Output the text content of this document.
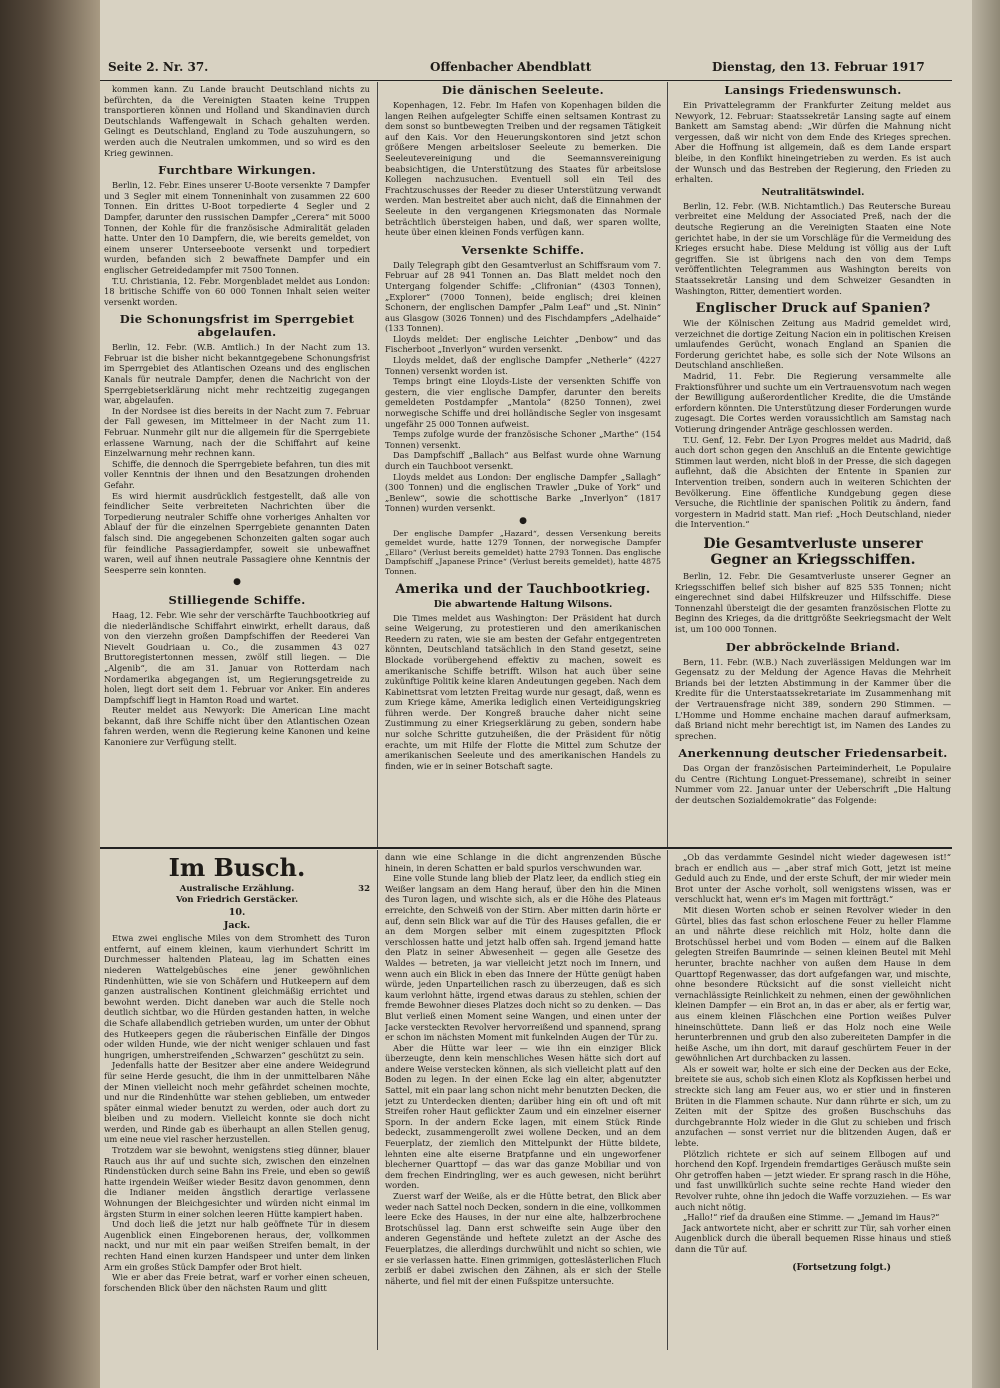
Seite 2. Nr. 37.	Offenbacher Abendblatt	Dienstag, den 13. Februar 1917

kommen kann. Zu Lande braucht Deutschland nichts zu befürchten, da die Vereinigten Staaten keine Truppen transportieren können und Holland und Skandinavien durch Deutschlands Waffengewalt in Schach gehalten werden. Gelingt es Deutschland, England zu Tode auszuhungern, so werden auch die Neutralen umkommen, und so wird es den Krieg gewinnen.

Furchtbare Wirkungen.

Berlin, 12. Febr. Eines unserer U-Boote versenkte 7 Dampfer und 3 Segler mit einem Tonneninhalt von zusammen 22 600 Tonnen. Ein drittes U-Boot torpedierte 4 Segler und 2 Dampfer, darunter den russischen Dampfer „Cerera“ mit 5000 Tonnen, der Kohle für die französische Admiralität geladen hatte. Unter den 10 Dampfern, die, wie bereits gemeldet, von einem unserer Unterseeboote versenkt und torpediert wurden, befanden sich 2 bewaffnete Dampfer und ein englischer Getreidedampfer mit 7500 Tonnen.

T.U. Christiania, 12. Febr. Morgenbladet meldet aus London: 18 britische Schiffe von 60 000 Tonnen Inhalt seien weiter versenkt worden.

Die Schonungsfrist im Sperrgebiet abgelaufen.

Berlin, 12. Febr. (W.B. Amtlich.) In der Nacht zum 13. Februar ist die bisher nicht bekanntgegebene Schonungsfrist im Sperrgebiet des Atlantischen Ozeans und des englischen Kanals für neutrale Dampfer, denen die Nachricht von der Sperrgebietserklärung nicht mehr rechtzeitig zugegangen war, abgelaufen.

In der Nordsee ist dies bereits in der Nacht zum 7. Februar der Fall gewesen, im Mittelmeer in der Nacht zum 11. Februar. Nunmehr gilt nur die allgemein für die Sperrgebiete erlassene Warnung, nach der die Schiffahrt auf keine Einzelwarnung mehr rechnen kann.

Schiffe, die dennoch die Sperrgebiete befahren, tun dies mit voller Kenntnis der ihnen und den Besatzungen drohenden Gefahr.

Es wird hiermit ausdrücklich festgestellt, daß alle von feindlicher Seite verbreiteten Nachrichten über die Torpedierung neutraler Schiffe ohne vorheriges Anhalten vor Ablauf der für die einzelnen Sperrgebiete genannten Daten falsch sind. Die angegebenen Schonzeiten galten sogar auch für feindliche Passagierdampfer, soweit sie unbewaffnet waren, weil auf ihnen neutrale Passagiere ohne Kenntnis der Seesperre sein konnten.

●
Stilliegende Schiffe.

Haag, 12. Febr. Wie sehr der verschärfte Tauchbootkrieg auf die niederländische Schiffahrt einwirkt, erhellt daraus, daß von den vierzehn großen Dampfschiffen der Reederei Van Nievelt Goudriaan u. Co., die zusammen 43 027 Bruttoregistertonnen messen, zwölf still liegen. — Die „Algenib“, die am 31. Januar von Rotterdam nach Nordamerika abgegangen ist, um Regierungsgetreide zu holen, liegt dort seit dem 1. Februar vor Anker. Ein anderes Dampfschiff liegt in Hamton Road und wartet.

Reuter meldet aus Newyork: Die American Line macht bekannt, daß ihre Schiffe nicht über den Atlantischen Ozean fahren werden, wenn die Regierung keine Kanonen und keine Kanoniere zur Verfügung stellt.

Die dänischen Seeleute.

Kopenhagen, 12. Febr. Im Hafen von Kopenhagen bilden die langen Reihen aufgelegter Schiffe einen seltsamen Kontrast zu dem sonst so buntbewegten Treiben und der regsamen Tätigkeit auf den Kais. Vor den Heuerungskontoren sind jetzt schon größere Mengen arbeitsloser Seeleute zu bemerken. Die Seeleutevereinigung und die Seemannsvereinigung beabsichtigen, die Unterstützung des Staates für arbeitslose Kollegen nachzusuchen. Eventuell soll ein Teil des Frachtzuschusses der Reeder zu dieser Unterstützung verwandt werden. Man bestreitet aber auch nicht, daß die Einnahmen der Seeleute in den vergangenen Kriegsmonaten das Normale beträchtlich übersteigen haben, und daß, wer sparen wollte, heute über einen kleinen Fonds verfügen kann.

Versenkte Schiffe.

Daily Telegraph gibt den Gesamtverlust an Schiffsraum vom 7. Februar auf 28 941 Tonnen an. Das Blatt meldet noch den Untergang folgender Schiffe: „Clifronian“ (4303 Tonnen), „Explorer“ (7000 Tonnen), beide englisch; drei kleinen Schonern, der englischen Dampfer „Palm Leaf“ und „St. Ninin“ aus Glasgow (3026 Tonnen) und des Fischdampfers „Adelhaide“ (133 Tonnen).

Lloyds meldet: Der englische Leichter „Denbow“ und das Fischerboot „Inverlyon“ wurden versenkt.

Lloyds meldet, daß der englische Dampfer „Netherle“ (4227 Tonnen) versenkt worden ist.

Temps bringt eine Lloyds-Liste der versenkten Schiffe von gestern, die vier englische Dampfer, darunter den bereits gemeldeten Postdampfer „Mantola“ (8250 Tonnen), zwei norwegische Schiffe und drei holländische Segler von insgesamt ungefähr 25 000 Tonnen aufweist.

Temps zufolge wurde der französische Schoner „Marthe“ (154 Tonnen) versenkt.

Das Dampfschiff „Ballach“ aus Belfast wurde ohne Warnung durch ein Tauchboot versenkt.

Lloyds meldet aus London: Der englische Dampfer „Sallagh“ (300 Tonnen) und die englischen Trawler „Duke of York“ und „Benlew“, sowie die schottische Barke „Inverlyon“ (1817 Tonnen) wurden versenkt.

●

Der englische Dampfer „Hazard“, dessen Versenkung bereits gemeldet wurde, hatte 1279 Tonnen, der norwegische Dampfer „Ellaro“ (Verlust bereits gemeldet) hatte 2793 Tonnen. Das englische Dampfschiff „Japanese Prince“ (Verlust bereits gemeldet), hatte 4875 Tonnen.

Amerika und der Tauchbootkrieg.
Die abwartende Haltung Wilsons.

Die Times meldet aus Washington: Der Präsident hat durch seine Weigerung, zu protestieren und den amerikanischen Reedern zu raten, wie sie am besten der Gefahr entgegentreten könnten, Deutschland tatsächlich in den Stand gesetzt, seine Blockade vorübergehend effektiv zu machen, soweit es amerikanische Schiffe betrifft. Wilson hat auch über seine zukünftige Politik keine klaren Andeutungen gegeben. Nach dem Kabinettsrat vom letzten Freitag wurde nur gesagt, daß, wenn es zum Kriege käme, Amerika lediglich einen Verteidigungskrieg führen werde. Der Kongreß brauche daher nicht seine Zustimmung zu einer Kriegserklärung zu geben, sondern habe nur solche Schritte gutzuheißen, die der Präsident für nötig erachte, um mit Hilfe der Flotte die Mittel zum Schutze der amerikanischen Seeleute und des amerikanischen Handels zu finden, wie er in seiner Botschaft sagte.

Lansings Friedenswunsch.

Ein Privattelegramm der Frankfurter Zeitung meldet aus Newyork, 12. Februar: Staatssekretär Lansing sagte auf einem Bankett am Samstag abend: „Wir dürfen die Mahnung nicht vergessen, daß wir nicht von dem Ende des Krieges sprechen. Aber die Hoffnung ist allgemein, daß es dem Lande erspart bleibe, in den Konflikt hineingetrieben zu werden. Es ist auch der Wunsch und das Bestreben der Regierung, den Frieden zu erhalten.

Neutralitätswindel.

Berlin, 12. Febr. (W.B. Nichtamtlich.) Das Reutersche Bureau verbreitet eine Meldung der Associated Preß, nach der die deutsche Regierung an die Vereinigten Staaten eine Note gerichtet habe, in der sie um Vorschläge für die Vermeidung des Krieges ersucht habe. Diese Meldung ist völlig aus der Luft gegriffen. Sie ist übrigens nach den von dem Temps veröffentlichten Telegrammen aus Washington bereits von Staatssekretär Lansing und dem Schweizer Gesandten in Washington, Ritter, dementiert worden.

Englischer Druck auf Spanien?

Wie der Kölnischen Zeitung aus Madrid gemeldet wird, verzeichnet die dortige Zeitung Nacion ein in politischen Kreisen umlaufendes Gerücht, wonach England an Spanien die Forderung gerichtet habe, es solle sich der Note Wilsons an Deutschland anschließen.

Madrid, 11. Febr. Die Regierung versammelte alle Fraktionsführer und suchte um ein Vertrauensvotum nach wegen der Bewilligung außerordentlicher Kredite, die die Umstände erfordern könnten. Die Unterstützung dieser Forderungen wurde zugesagt. Die Cortes werden voraussichtlich am Samstag nach Votierung dringender Anträge geschlossen werden.

T.U. Genf, 12. Febr. Der Lyon Progres meldet aus Madrid, daß auch dort schon gegen den Anschluß an die Entente gewichtige Stimmen laut werden, nicht bloß in der Presse, die sich dagegen auflehnt, daß die Absichten der Entente in Spanien zur Intervention treiben, sondern auch in weiteren Schichten der Bevölkerung. Eine öffentliche Kundgebung gegen diese Versuche, die Richtlinie der spanischen Politik zu ändern, fand vorgestern in Madrid statt. Man rief: „Hoch Deutschland, nieder die Intervention.“

Die Gesamtverluste unserer Gegner an Kriegsschiffen.

Berlin, 12. Febr. Die Gesamtverluste unserer Gegner an Kriegsschiffen belief sich bisher auf 825 535 Tonnen; nicht eingerechnet sind dabei Hilfskreuzer und Hilfsschiffe. Diese Tonnenzahl übersteigt die der gesamten französischen Flotte zu Beginn des Krieges, da die drittgrößte Seekriegsmacht der Welt ist, um 100 000 Tonnen.

Der abbröckelnde Briand.

Bern, 11. Febr. (W.B.) Nach zuverlässigen Meldungen war im Gegensatz zu der Meldung der Agence Havas die Mehrheit Briands bei der letzten Abstimmung in der Kammer über die Kredite für die Unterstaatssekretariate im Zusammenhang mit der Vertrauensfrage nicht 389, sondern 290 Stimmen. — L'Homme und Homme enchaine machen darauf aufmerksam, daß Briand nicht mehr berechtigt ist, im Namen des Landes zu sprechen.

Anerkennung deutscher Friedensarbeit.

Das Organ der französischen Parteiminderheit, Le Populaire du Centre (Richtung Longuet-Pressemane), schreibt in seiner Nummer vom 22. Januar unter der Ueberschrift „Die Haltung der deutschen Sozialdemokratie“ das Folgende:

Im Busch.
Australische Erzählung.	32
Von Friedrich Gerstäcker.
10.
Jack.

Etwa zwei englische Miles von dem Stromhett des Turon entfernt, auf einem kleinen, kaum vierhundert Schritt im Durchmesser haltenden Plateau, lag im Schatten eines niederen Wattelgebüsches eine jener gewöhnlichen Rindenhütten, wie sie von Schäfern und Hutkeepern auf dem ganzen australischen Kontinent gleichmäßig errichtet und bewohnt werden. Dicht daneben war auch die Stelle noch deutlich sichtbar, wo die Hürden gestanden hatten, in welche die Schafe allabendlich getrieben wurden, um unter der Obhut des Hutkeepers gegen die räuberischen Einfälle der Dingos oder wilden Hunde, wie der nicht weniger schlauen und fast hungrigen, umherstreifenden „Schwarzen“ geschützt zu sein.

Jedenfalls hatte der Besitzer aber eine andere Weidegrund für seine Herde gesucht, die ihm in der unmittelbaren Nähe der Minen vielleicht noch mehr gefährdet scheinen mochte, und nur die Rindenhütte war stehen geblieben, um entweder später einmal wieder benutzt zu werden, oder auch dort zu bleiben und zu modern. Vielleicht konnte sie doch nicht werden, und Rinde gab es überhaupt an allen Stellen genug, um eine neue viel rascher herzustellen.

Trotzdem war sie bewohnt, wenigstens stieg dünner, blauer Rauch aus ihr auf und suchte sich, zwischen den einzelnen Rindenstücken durch seine Bahn ins Freie, und eben so gewiß hatte irgendein Weißer wieder Besitz davon genommen, denn die Indianer meiden ängstlich derartige verlassene Wohnungen der Bleichgesichter und würden nicht einmal im ärgsten Sturm in einer solchen leeren Hütte kampiert haben.

Und doch ließ die jetzt nur halb geöffnete Tür in diesem Augenblick einen Eingeborenen heraus, der, vollkommen nackt, und nur mit ein paar weißen Streifen bemalt, in der rechten Hand einen kurzen Handspeer und unter dem linken Arm ein großes Stück Dampfer oder Brot hielt.

Wie er aber das Freie betrat, warf er vorher einen scheuen, forschenden Blick über den nächsten Raum und glitt

dann wie eine Schlange in die dicht angrenzenden Büsche hinein, in deren Schatten er bald spurlos verschwunden war.

Eine volle Stunde lang blieb der Platz leer, da endlich stieg ein Weißer langsam an dem Hang herauf, über den hin die Minen des Turon lagen, und wischte sich, als er die Höhe des Plateaus erreichte, den Schweiß von der Stirn. Aber mitten darin hörte er auf, denn sein Blick war auf die Tür des Hauses gefallen, die er an dem Morgen selber mit einem zugespitzten Pflock verschlossen hatte und jetzt halb offen sah. Irgend jemand hatte den Platz in seiner Abwesenheit — gegen alle Gesetze des Waldes — betreten, ja war vielleicht jetzt noch im Innern, und wenn auch ein Blick in eben das Innere der Hütte genügt haben würde, jeden Unparteilichen rasch zu überzeugen, daß es sich kaum verlohnt hätte, irgend etwas daraus zu stehlen, schien der fremde Bewohner dieses Platzes doch nicht so zu denken. — Das Blut verließ einen Moment seine Wangen, und einen unter der Jacke versteckten Revolver hervorreißend und spannend, sprang er schon im nächsten Moment mit funkelnden Augen der Tür zu.

Aber die Hütte war leer — wie ihn ein einziger Blick überzeugte, denn kein menschliches Wesen hätte sich dort auf andere Weise verstecken können, als sich vielleicht platt auf den Boden zu legen. In der einen Ecke lag ein alter, abgenutzter Sattel, mit ein paar lang schon nicht mehr benutzten Decken, die jetzt zu Unterdecken dienten; darüber hing ein oft und oft mit Streifen roher Haut geflickter Zaum und ein einzelner eiserner Sporn. In der andern Ecke lagen, mit einem Stück Rinde bedeckt, zusammengerollt zwei wollene Decken, und an dem Feuerplatz, der ziemlich den Mittelpunkt der Hütte bildete, lehnten eine alte eiserne Bratpfanne und ein ungeworfener blecherner Quarttopf — das war das ganze Mobiliar und von dem frechen Eindringling, wer es auch gewesen, nicht berührt worden.

Zuerst warf der Weiße, als er die Hütte betrat, den Blick aber weder nach Sattel noch Decken, sondern in die eine, vollkommen leere Ecke des Hauses, in der nur eine alte, halbzerbrochene Brotschüssel lag. Dann erst schweifte sein Auge über den anderen Gegenstände und heftete zuletzt an der Asche des Feuerplatzes, die allerdings durchwühlt und nicht so schien, wie er sie verlassen hatte. Einen grimmigen, gotteslästerlichen Fluch zerbiß er dabei zwischen den Zähnen, als er sich der Stelle näherte, und fiel mit der einen Fußspitze untersuchte.

„Ob das verdammte Gesindel nicht wieder dagewesen ist!“ brach er endlich aus — „aber straf mich Gott, jetzt ist meine Geduld auch zu Ende, und der erste Schuft, der mir wieder mein Brot unter der Asche vorholt, soll wenigstens wissen, was er verschluckt hat, wenn er's im Magen mit fortträgt.“

Mit diesen Worten schob er seinen Revolver wieder in den Gürtel, blies das fast schon erloschene Feuer zu heller Flamme an und nährte diese reichlich mit Holz, holte dann die Brotschüssel herbei und vom Boden — einem auf die Balken gelegten Streifen Baumrinde — seinen kleinen Beutel mit Mehl herunter, brachte nachher von außen dem Hause in dem Quarttopf Regenwasser, das dort aufgefangen war, und mischte, ohne besondere Rücksicht auf die sonst vielleicht nicht vernachlässigte Reinlichkeit zu nehmen, einen der gewöhnlichen kleinen Dampfer — ein Brot an, in das er aber, als er fertig war, aus einem kleinen Fläschchen eine Portion weißes Pulver hineinschüttete. Dann ließ er das Holz noch eine Weile herunterbrennen und grub den also zubereiteten Dampfer in die heiße Asche, um ihn dort, mit darauf geschürtem Feuer in der gewöhnlichen Art durchbacken zu lassen.

Als er soweit war, holte er sich eine der Decken aus der Ecke, breitete sie aus, schob sich einen Klotz als Kopfkissen herbei und streckte sich lang am Feuer aus, wo er stier und in finsteren Brüten in die Flammen schaute. Nur dann rührte er sich, um zu Zeiten mit der Spitze des großen Buschschuhs das durchgebrannte Holz wieder in die Glut zu schieben und frisch anzufachen — sonst verriet nur die blitzenden Augen, daß er lebte.

Plötzlich richtete er sich auf seinem Ellbogen auf und horchend den Kopf. Irgendein fremdartiges Geräusch mußte sein Ohr getroffen haben — jetzt wieder. Er sprang rasch in die Höhe, und fast unwillkürlich suchte seine rechte Hand wieder den Revolver ruhte, ohne ihn jedoch die Waffe vorzuziehen. — Es war auch nicht nötig.

„Hallo!“ rief da draußen eine Stimme. — „Jemand im Haus?“

Jack antwortete nicht, aber er schritt zur Tür, sah vorher einen Augenblick durch die überall bequemen Risse hinaus und stieß dann die Tür auf.

(Fortsetzung folgt.)
